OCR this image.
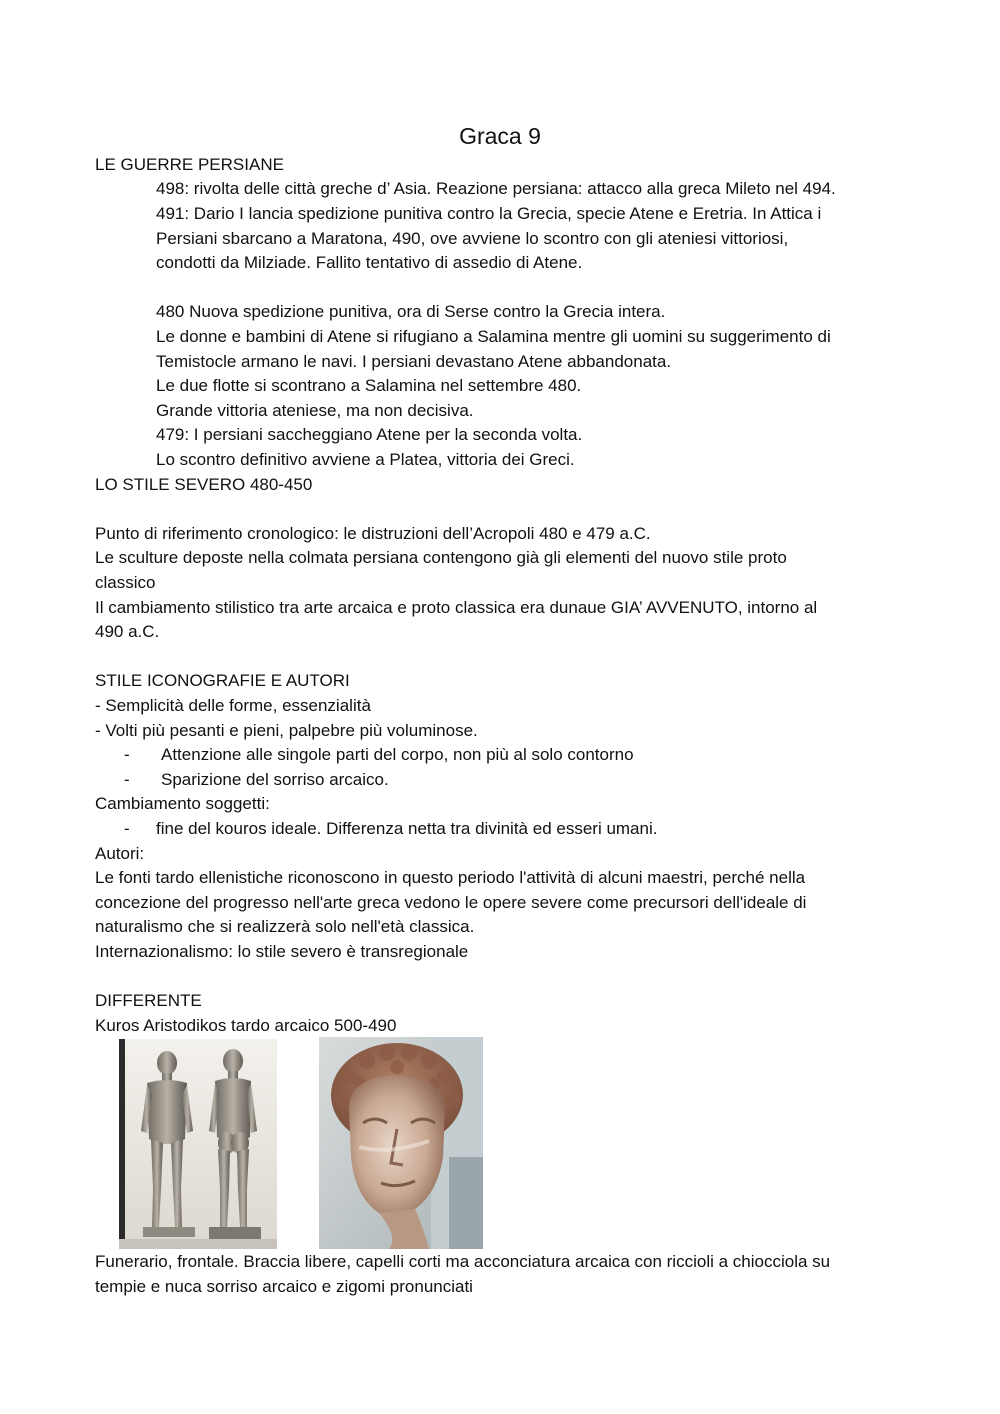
Graca 9
LE GUERRE PERSIANE
498: rivolta delle città greche d’ Asia. Reazione persiana: attacco alla greca Mileto nel 494.
491: Dario I lancia spedizione punitiva contro la Grecia, specie Atene e Eretria. In Attica i
Persiani sbarcano a Maratona, 490, ove avviene lo scontro con gli ateniesi vittoriosi,
condotti da Milziade. Fallito tentativo di assedio di Atene.
480 Nuova spedizione punitiva, ora di Serse contro la Grecia intera.
Le donne e bambini di Atene si rifugiano a Salamina mentre gli uomini su suggerimento di
Temistocle armano le navi. I persiani devastano Atene abbandonata.
Le due flotte si scontrano a Salamina nel settembre 480.
Grande vittoria ateniese, ma non decisiva.
479: I persiani saccheggiano Atene per la seconda volta.
Lo scontro definitivo avviene a Platea, vittoria dei Greci.
LO STILE SEVERO 480-450
Punto di riferimento cronologico: le distruzioni dell’Acropoli 480 e 479 a.C.
Le sculture deposte nella colmata persiana contengono già gli elementi del nuovo stile proto
classico
Il cambiamento stilistico tra arte arcaica e proto classica era dunaue GIA’ AVVENUTO, intorno al
490 a.C.
STILE ICONOGRAFIE E AUTORI
- Semplicità delle forme, essenzialità
- Volti più pesanti e pieni, palpebre più voluminose.
- Attenzione alle singole parti del corpo, non più al solo contorno
- Sparizione del sorriso arcaico.
Cambiamento soggetti:
- fine del kouros ideale. Differenza netta tra divinità ed esseri umani.
Autori:
Le fonti tardo ellenistiche riconoscono in questo periodo l'attività di alcuni maestri, perché nella
concezione del progresso nell'arte greca vedono le opere severe come precursori dell'ideale di
naturalismo che si realizzerà solo nell'età classica.
Internazionalismo: lo stile severo è transregionale
DIFFERENTE
Kuros Aristodikos tardo arcaico 500-490
Funerario, frontale. Braccia libere, capelli corti ma acconciatura arcaica con riccioli a chiocciola su
tempie e nuca sorriso arcaico e zigomi pronunciati
